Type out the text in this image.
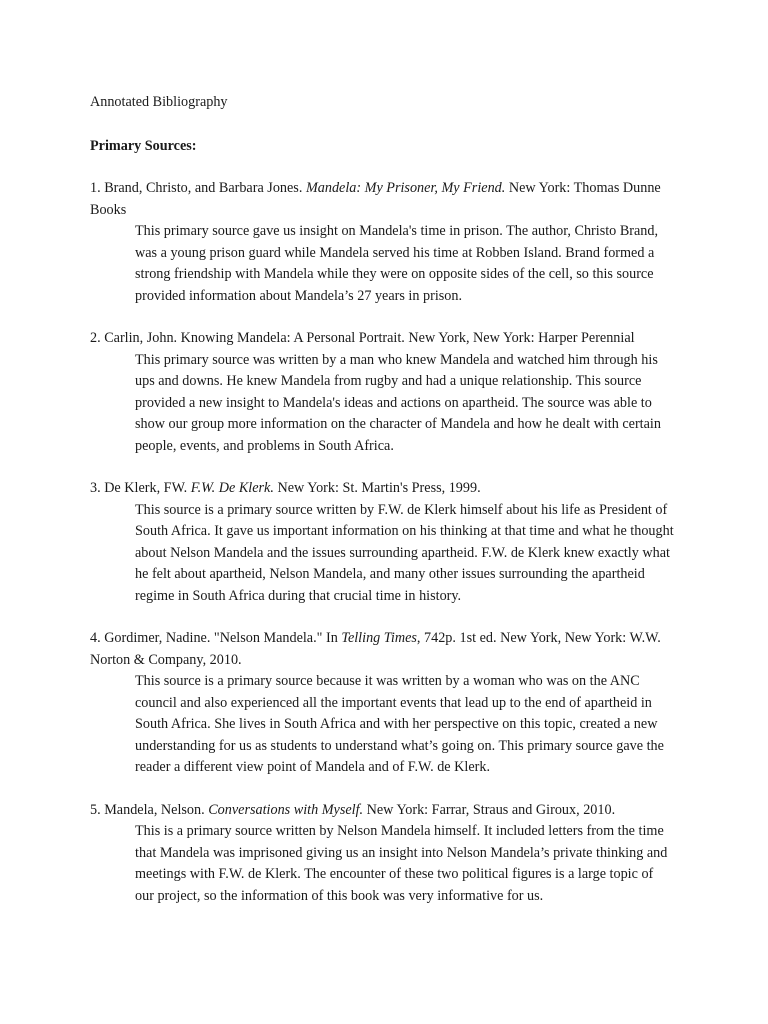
Annotated Bibliography

Primary Sources:

1. Brand, Christo, and Barbara Jones. Mandela: My Prisoner, My Friend. New York: Thomas Dunne Books

This primary source gave us insight on Mandela's time in prison. The author, Christo Brand, was a young prison guard while Mandela served his time at Robben Island. Brand formed a strong friendship with Mandela while they were on opposite sides of the cell, so this source provided information about Mandela’s 27 years in prison.

2. Carlin, John. Knowing Mandela: A Personal Portrait. New York, New York: Harper Perennial

This primary source was written by a man who knew Mandela and watched him through his ups and downs. He knew Mandela from rugby and had a unique relationship. This source provided a new insight to Mandela's ideas and actions on apartheid. The source was able to show our group more information on the character of Mandela and how he dealt with certain people, events, and problems in South Africa.

3. De Klerk, FW. F.W. De Klerk. New York: St. Martin's Press, 1999.

This source is a primary source written by F.W. de Klerk himself about his life as President of South Africa. It gave us important information on his thinking at that time and what he thought about Nelson Mandela and the issues surrounding apartheid. F.W. de Klerk knew exactly what he felt about apartheid, Nelson Mandela, and many other issues surrounding the apartheid regime in South Africa during that crucial time in history.

4. Gordimer, Nadine. "Nelson Mandela." In Telling Times, 742p. 1st ed. New York, New York: W.W. Norton & Company, 2010.

This source is a primary source because it was written by a woman who was on the ANC council and also experienced all the important events that lead up to the end of apartheid in South Africa. She lives in South Africa and with her perspective on this topic, created a new understanding for us as students to understand what’s going on. This primary source gave the reader a different view point of Mandela and of F.W. de Klerk.

5. Mandela, Nelson. Conversations with Myself. New York: Farrar, Straus and Giroux, 2010.

This is a primary source written by Nelson Mandela himself. It included letters from the time that Mandela was imprisoned giving us an insight into Nelson Mandela’s private thinking and meetings with F.W. de Klerk. The encounter of these two political figures is a large topic of our project, so the information of this book was very informative for us.
